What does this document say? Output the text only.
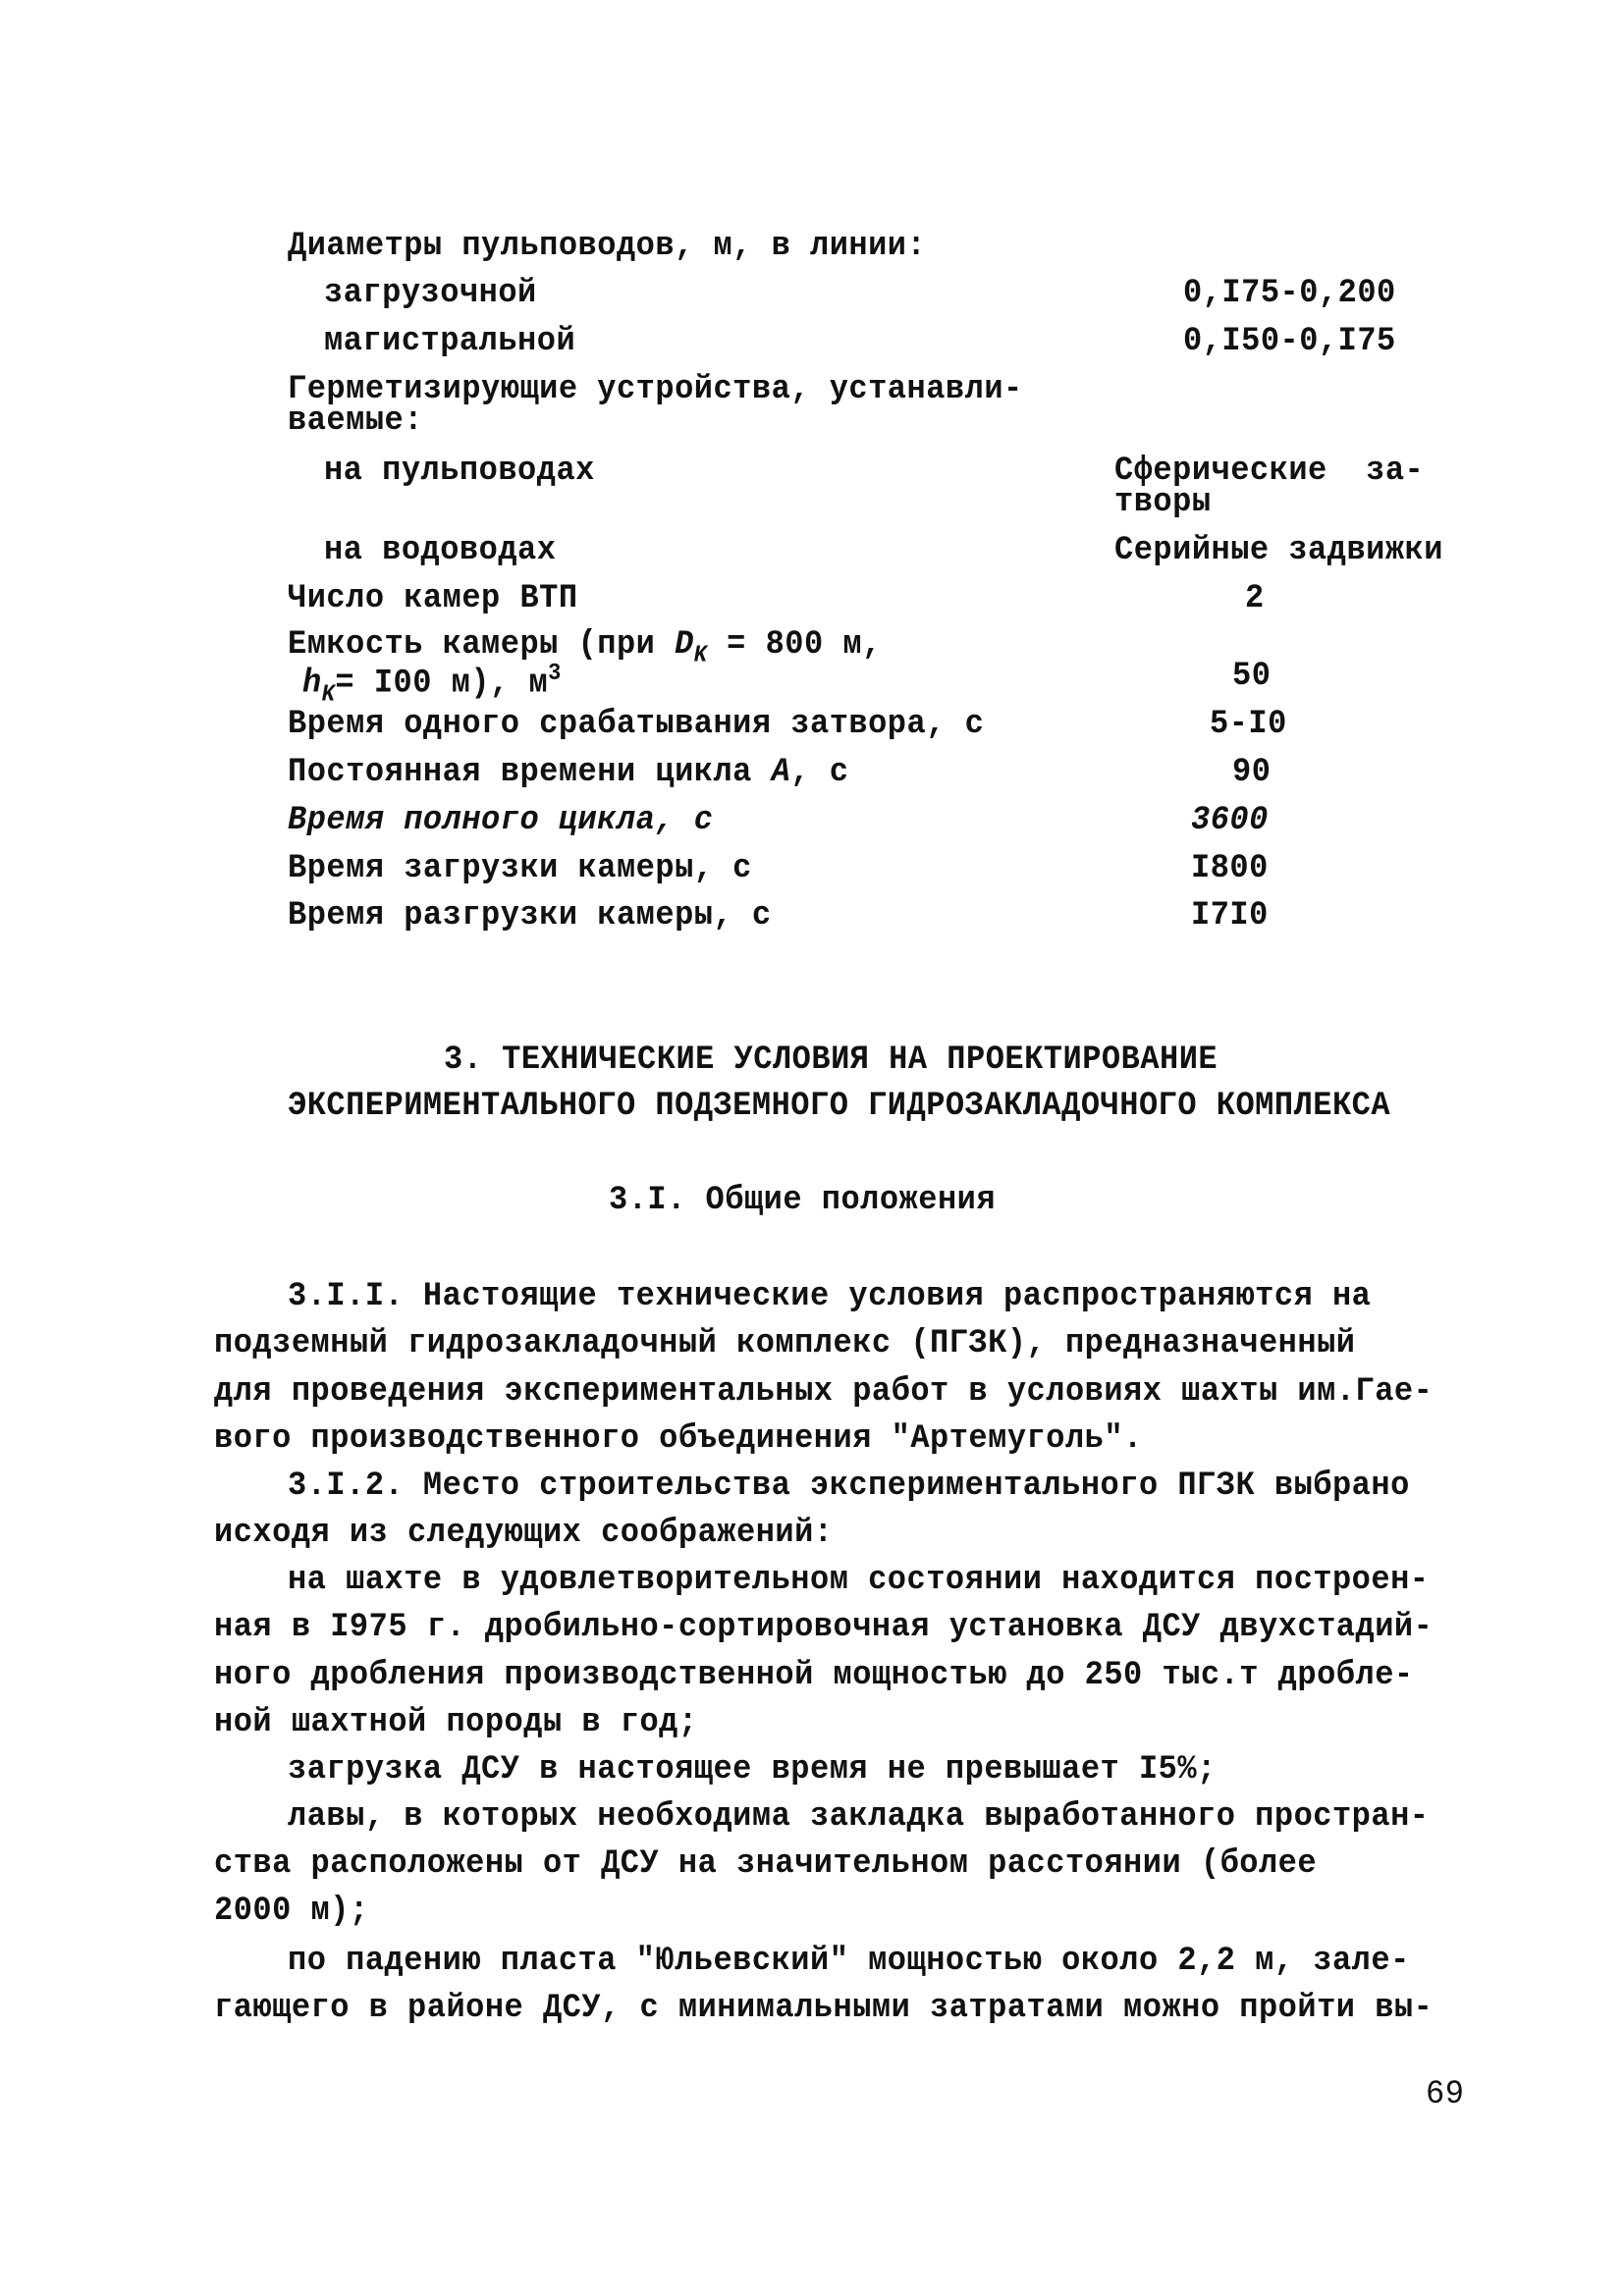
Диаметры пульповодов, м, в линии:
загрузочной	0,I75-0,200
магистральной	0,I50-0,I75
Герметизирующие устройства, устанавли-
ваемые:
на пульповодах	Сферические  за-
творы
на водоводах	Серийные задвижки
Число камер ВТП	2
Емкость камеры (при $D_K = 800$ м,
$h_K= I00$ м), $м^3$	50
Время одного срабатывания затвора, с	5-I0
Постоянная времени цикла A, с	90
Время полного цикла, с	3600
Время загрузки камеры, с	I800
Время разгрузки камеры, с	I7I0
3. ТЕХНИЧЕСКИЕ УСЛОВИЯ НА ПРОЕКТИРОВАНИЕ
ЭКСПЕРИМЕНТАЛЬНОГО ПОДЗЕМНОГО ГИДРОЗАКЛАДОЧНОГО КОМПЛЕКСА
3.I. Общие положения
3.I.I. Настоящие технические условия распространяются на
подземный гидрозакладочный комплекс (ПГЗК), предназначенный
для проведения экспериментальных работ в условиях шахты им.Гае-
вого производственного объединения "Артемуголь".
3.I.2. Место строительства экспериментального ПГЗК выбрано
исходя из следующих соображений:
на шахте в удовлетворительном состоянии находится построен-
ная в I975 г. дробильно-сортировочная установка ДСУ двухстадий-
ного дробления производственной мощностью до 250 тыс.т дробле-
ной шахтной породы в год;
загрузка ДСУ в настоящее время не превышает I5%;
лавы, в которых необходима закладка выработанного простран-
ства расположены от ДСУ на значительном расстоянии (более
2000 м);
по падению пласта "Юльевский" мощностью около 2,2 м, зале-
гающего в районе ДСУ, с минимальными затратами можно пройти вы-
69
